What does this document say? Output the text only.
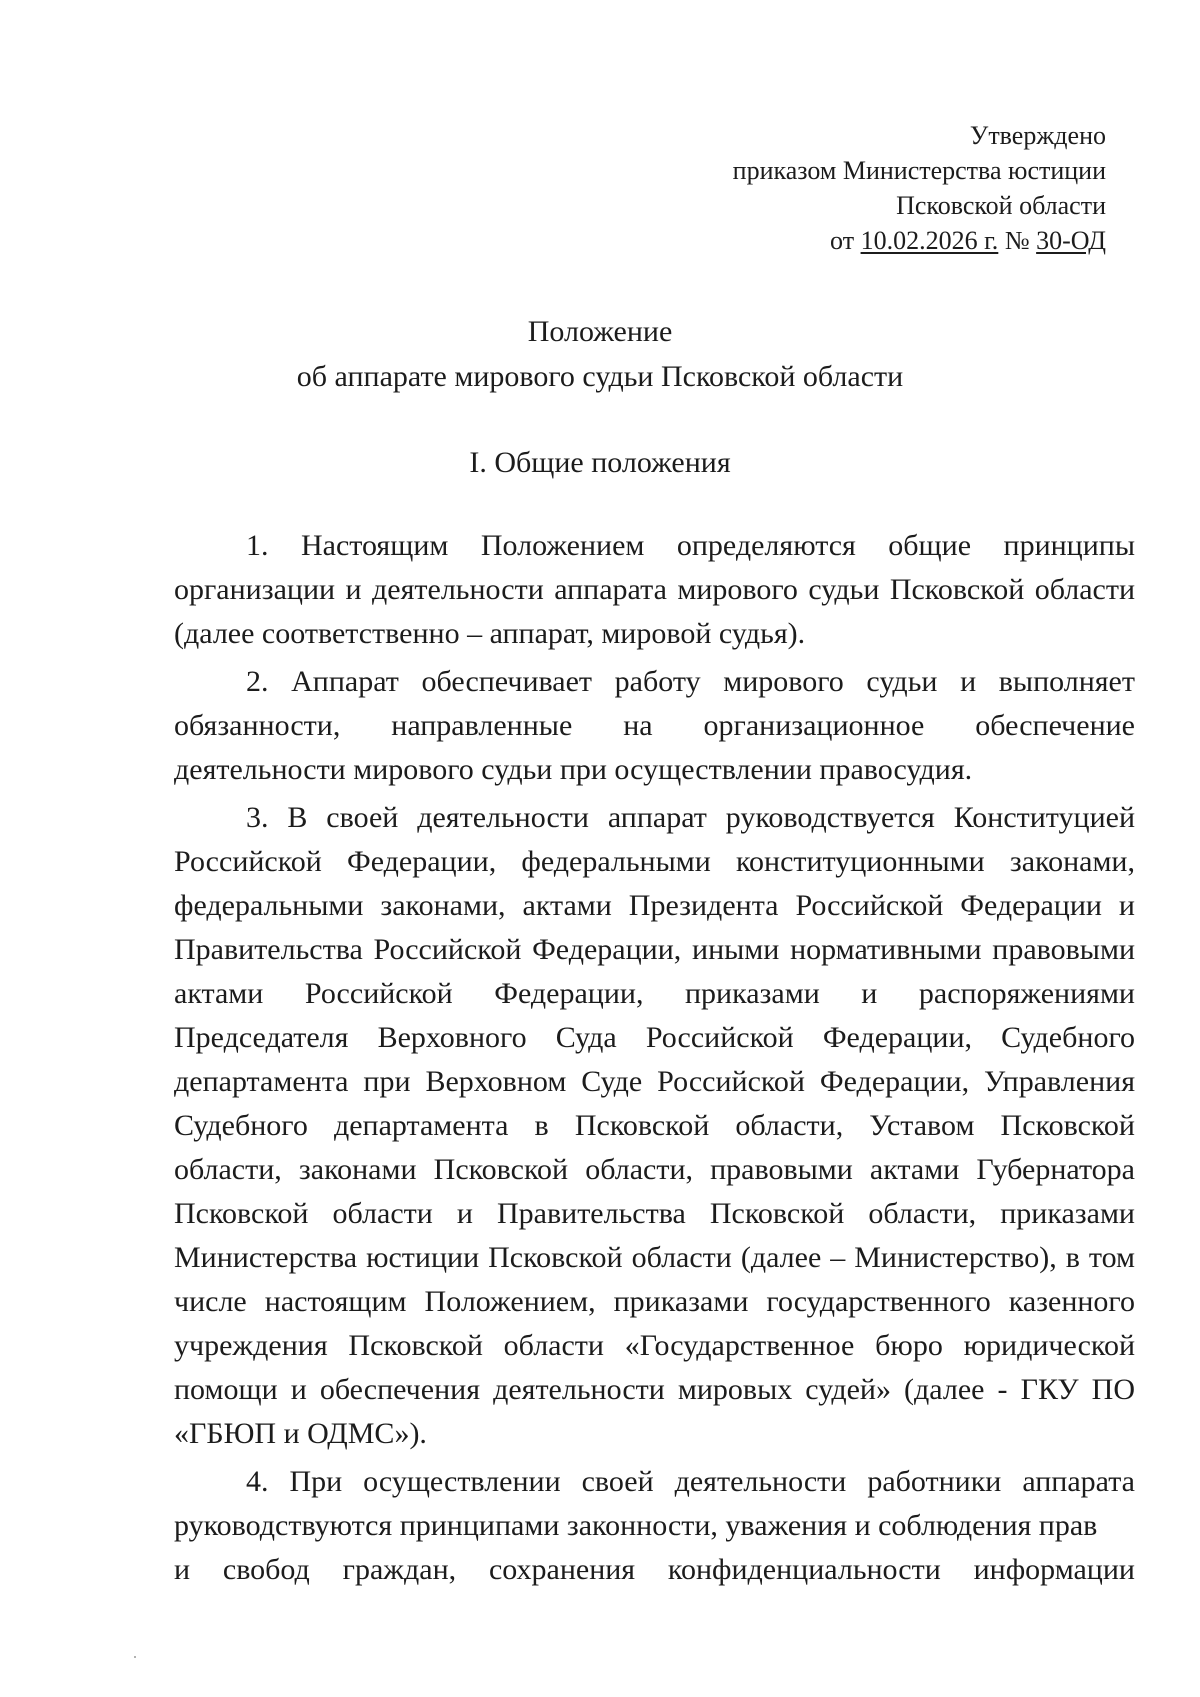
Утверждено
приказом Министерства юстиции
Псковской области
от 10.02.2026 г. № 30-ОД
Положение
об аппарате мирового судьи Псковской области
I. Общие положения

1. Настоящим Положением определяются общие принципы организации и деятельности аппарата мирового судьи Псковской области (далее соответственно – аппарат, мировой судья).

2. Аппарат обеспечивает работу мирового судьи и выполняет обязанности, направленные на организационное обеспечение деятельности мирового судьи при осуществлении правосудия.

3. В своей деятельности аппарат руководствуется Конституцией Российской Федерации, федеральными конституционными законами, федеральными законами, актами Президента Российской Федерации и Правительства Российской Федерации, иными нормативными правовыми актами Российской Федерации, приказами и распоряжениями Председателя Верховного Суда Российской Федерации, Судебного департамента при Верховном Суде Российской Федерации, Управления Судебного департамента в Псковской области, Уставом Псковской области, законами Псковской области, правовыми актами Губернатора Псковской области и Правительства Псковской области, приказами Министерства юстиции Псковской области (далее – Министерство), в том числе настоящим Положением, приказами государственного казенного учреждения Псковской области «Государственное бюро юридической помощи и обеспечения деятельности мировых судей» (далее - ГКУ ПО «ГБЮП и ОДМС»).

4. При осуществлении своей деятельности работники аппарата руководствуются принципами законности, уважения и соблюдения прав

и свобод граждан, сохранения конфиденциальности информации
